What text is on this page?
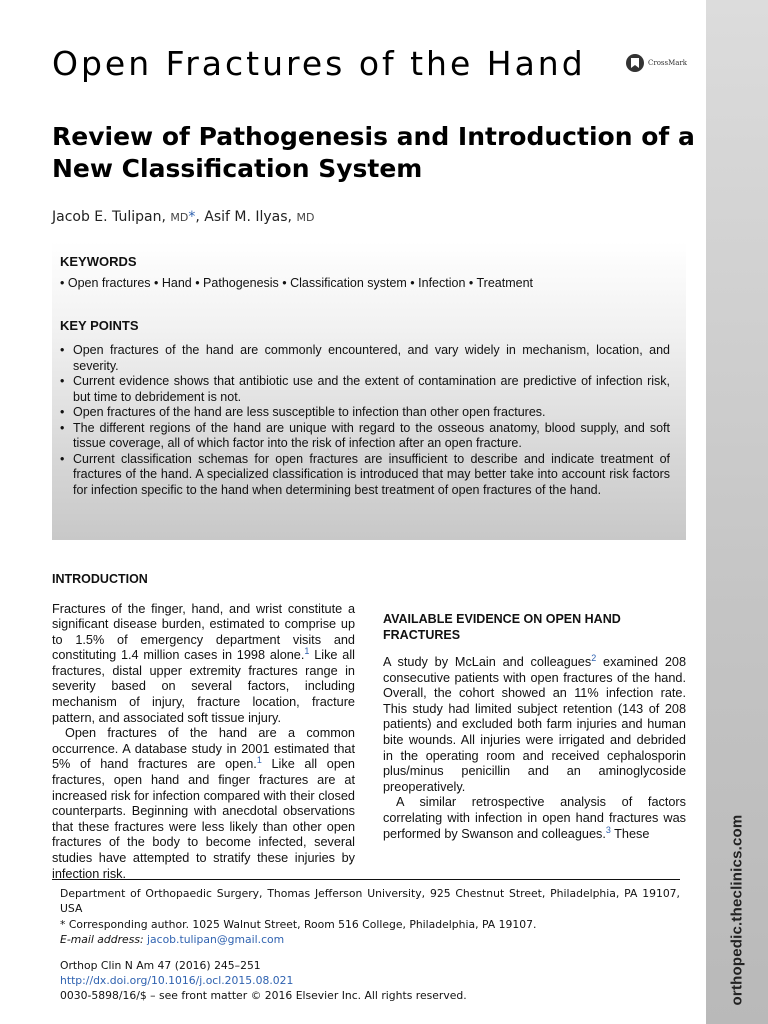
orthopedic.theclinics.com
Open Fractures of the Hand	CrossMark
Review of Pathogenesis and Introduction of a New Classification System
Jacob E. Tulipan, MD*, Asif M. Ilyas, MD
KEYWORDS
• Open fractures • Hand • Pathogenesis • Classification system • Infection • Treatment
KEY POINTS
• Open fractures of the hand are commonly encountered, and vary widely in mechanism, location, and severity.
• Current evidence shows that antibiotic use and the extent of contamination are predictive of infection risk, but time to debridement is not.
• Open fractures of the hand are less susceptible to infection than other open fractures.
• The different regions of the hand are unique with regard to the osseous anatomy, blood supply, and soft tissue coverage, all of which factor into the risk of infection after an open fracture.
• Current classification schemas for open fractures are insufficient to describe and indicate treatment of fractures of the hand. A specialized classification is introduced that may better take into account risk factors for infection specific to the hand when determining best treatment of open fractures of the hand.
INTRODUCTION

Fractures of the finger, hand, and wrist constitute a significant disease burden, estimated to comprise up to 1.5% of emergency department visits and constituting 1.4 million cases in 1998 alone.$^1$ Like all fractures, distal upper extremity fractures range in severity based on several factors, including mechanism of injury, fracture location, fracture pattern, and associated soft tissue injury.

Open fractures of the hand are a common occurrence. A database study in 2001 estimated that 5% of hand fractures are open.$^1$ Like all open fractures, open hand and finger fractures are at increased risk for infection compared with their closed counterparts. Beginning with anecdotal observations that these fractures were less likely than other open fractures of the body to become infected, several studies have attempted to stratify these injuries by infection risk.

AVAILABLE EVIDENCE ON OPEN HAND FRACTURES

A study by McLain and colleagues$^2$ examined 208 consecutive patients with open fractures of the hand. Overall, the cohort showed an 11% infection rate. This study had limited subject retention (143 of 208 patients) and excluded both farm injuries and human bite wounds. All injuries were irrigated and debrided in the operating room and received cephalosporin plus/minus penicillin and an aminoglycoside preoperatively.

A similar retrospective analysis of factors correlating with infection in open hand fractures was performed by Swanson and colleagues.$^3$ These

Department of Orthopaedic Surgery, Thomas Jefferson University, 925 Chestnut Street, Philadelphia, PA 19107, USA

* Corresponding author. 1025 Walnut Street, Room 516 College, Philadelphia, PA 19107.

E-mail address: jacob.tulipan@gmail.com

Orthop Clin N Am 47 (2016) 245–251

http://dx.doi.org/10.1016/j.ocl.2015.08.021

0030-5898/16/$ – see front matter © 2016 Elsevier Inc. All rights reserved.
